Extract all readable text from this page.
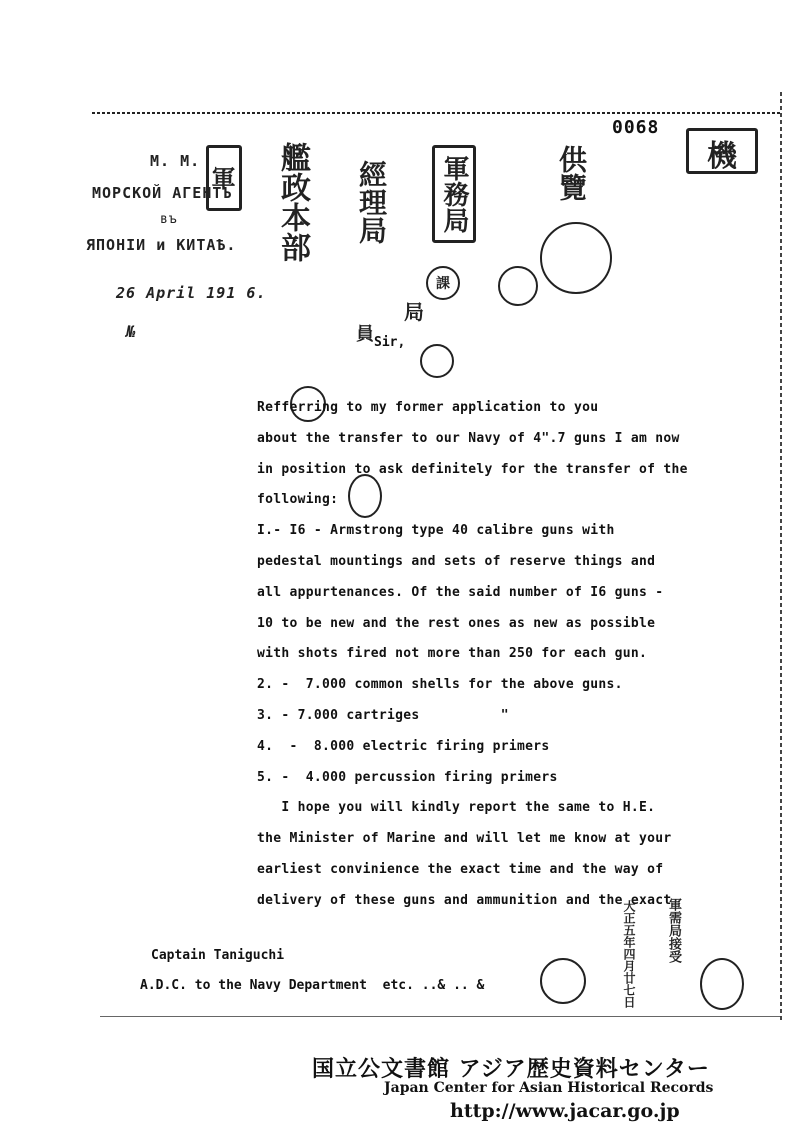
0068
М. М.
МОРСКОЙ АГЕНТЪ
въ
ЯПОНІИ и КИТАѢ.
26 April 191 6.
№
軍 艦政本部 經理局 軍務局	機
供覽
課
局
員
軍需局接受
大正五年四月廿七日
Sir,
Refferring to my former application to you
about the transfer to our Navy of 4".7 guns I am now
in position to ask definitely for the transfer of the
following:
I.- I6 - Armstrong type 40 calibre guns with
pedestal mountings and sets of reserve things and
all appurtenances. Of the said number of I6 guns -
10 to be new and the rest ones as new as possible
with shots fired not more than 250 for each gun.
2. -  7.000 common shells for the above guns.
3. - 7.000 cartriges          "
4.  -  8.000 electric firing primers
5. -  4.000 percussion firing primers
I hope you will kindly report the same to H.E.
the Minister of Marine and will let me know at your
earliest convinience the exact time and the way of
delivery of these guns and ammunition and the exact
Captain Taniguchi
A.D.C. to the Navy Department  etc. ..& .. &
国立公文書館 アジア歴史資料センター
Japan Center for Asian Historical Records
http://www.jacar.go.jp
